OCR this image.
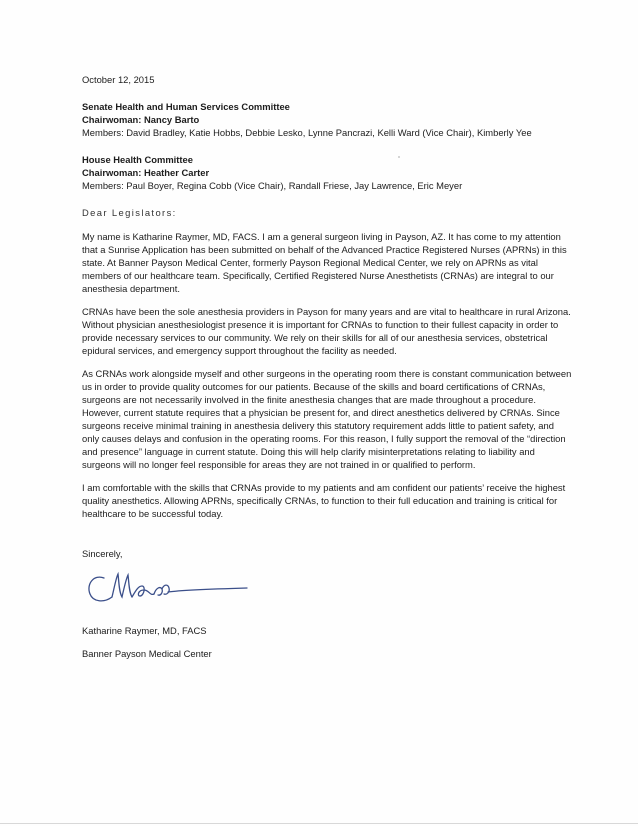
October 12, 2015

Senate Health and Human Services Committee
Chairwoman: Nancy Barto
Members: David Bradley, Katie Hobbs, Debbie Lesko, Lynne Pancrazi, Kelli Ward (Vice Chair), Kimberly Yee
House Health Committee
Chairwoman: Heather Carter
Members: Paul Boyer, Regina Cobb (Vice Chair), Randall Friese, Jay Lawrence, Eric Meyer

Dear Legislators:

My name is Katharine Raymer, MD, FACS. I am a general surgeon living in Payson, AZ. It has come to my attention that a Sunrise Application has been submitted on behalf of the Advanced Practice Registered Nurses (APRNs) in this state. At Banner Payson Medical Center, formerly Payson Regional Medical Center, we rely on APRNs as vital members of our healthcare team. Specifically, Certified Registered Nurse Anesthetists (CRNAs) are integral to our anesthesia department.

CRNAs have been the sole anesthesia providers in Payson for many years and are vital to healthcare in rural Arizona. Without physician anesthesiologist presence it is important for CRNAs to function to their fullest capacity in order to provide necessary services to our community. We rely on their skills for all of our anesthesia services, obstetrical epidural services, and emergency support throughout the facility as needed.

As CRNAs work alongside myself and other surgeons in the operating room there is constant communication between us in order to provide quality outcomes for our patients. Because of the skills and board certifications of CRNAs, surgeons are not necessarily involved in the finite anesthesia changes that are made throughout a procedure. However, current statute requires that a physician be present for, and direct anesthetics delivered by CRNAs. Since surgeons receive minimal training in anesthesia delivery this statutory requirement adds little to patient safety, and only causes delays and confusion in the operating rooms. For this reason, I fully support the removal of the “direction and presence” language in current statute. Doing this will help clarify misinterpretations relating to liability and surgeons will no longer feel responsible for areas they are not trained in or qualified to perform.

I am comfortable with the skills that CRNAs provide to my patients and am confident our patients’ receive the highest quality anesthetics. Allowing APRNs, specifically CRNAs, to function to their full education and training is critical for healthcare to be successful today.

Sincerely,

Katharine Raymer, MD, FACS

Banner Payson Medical Center
